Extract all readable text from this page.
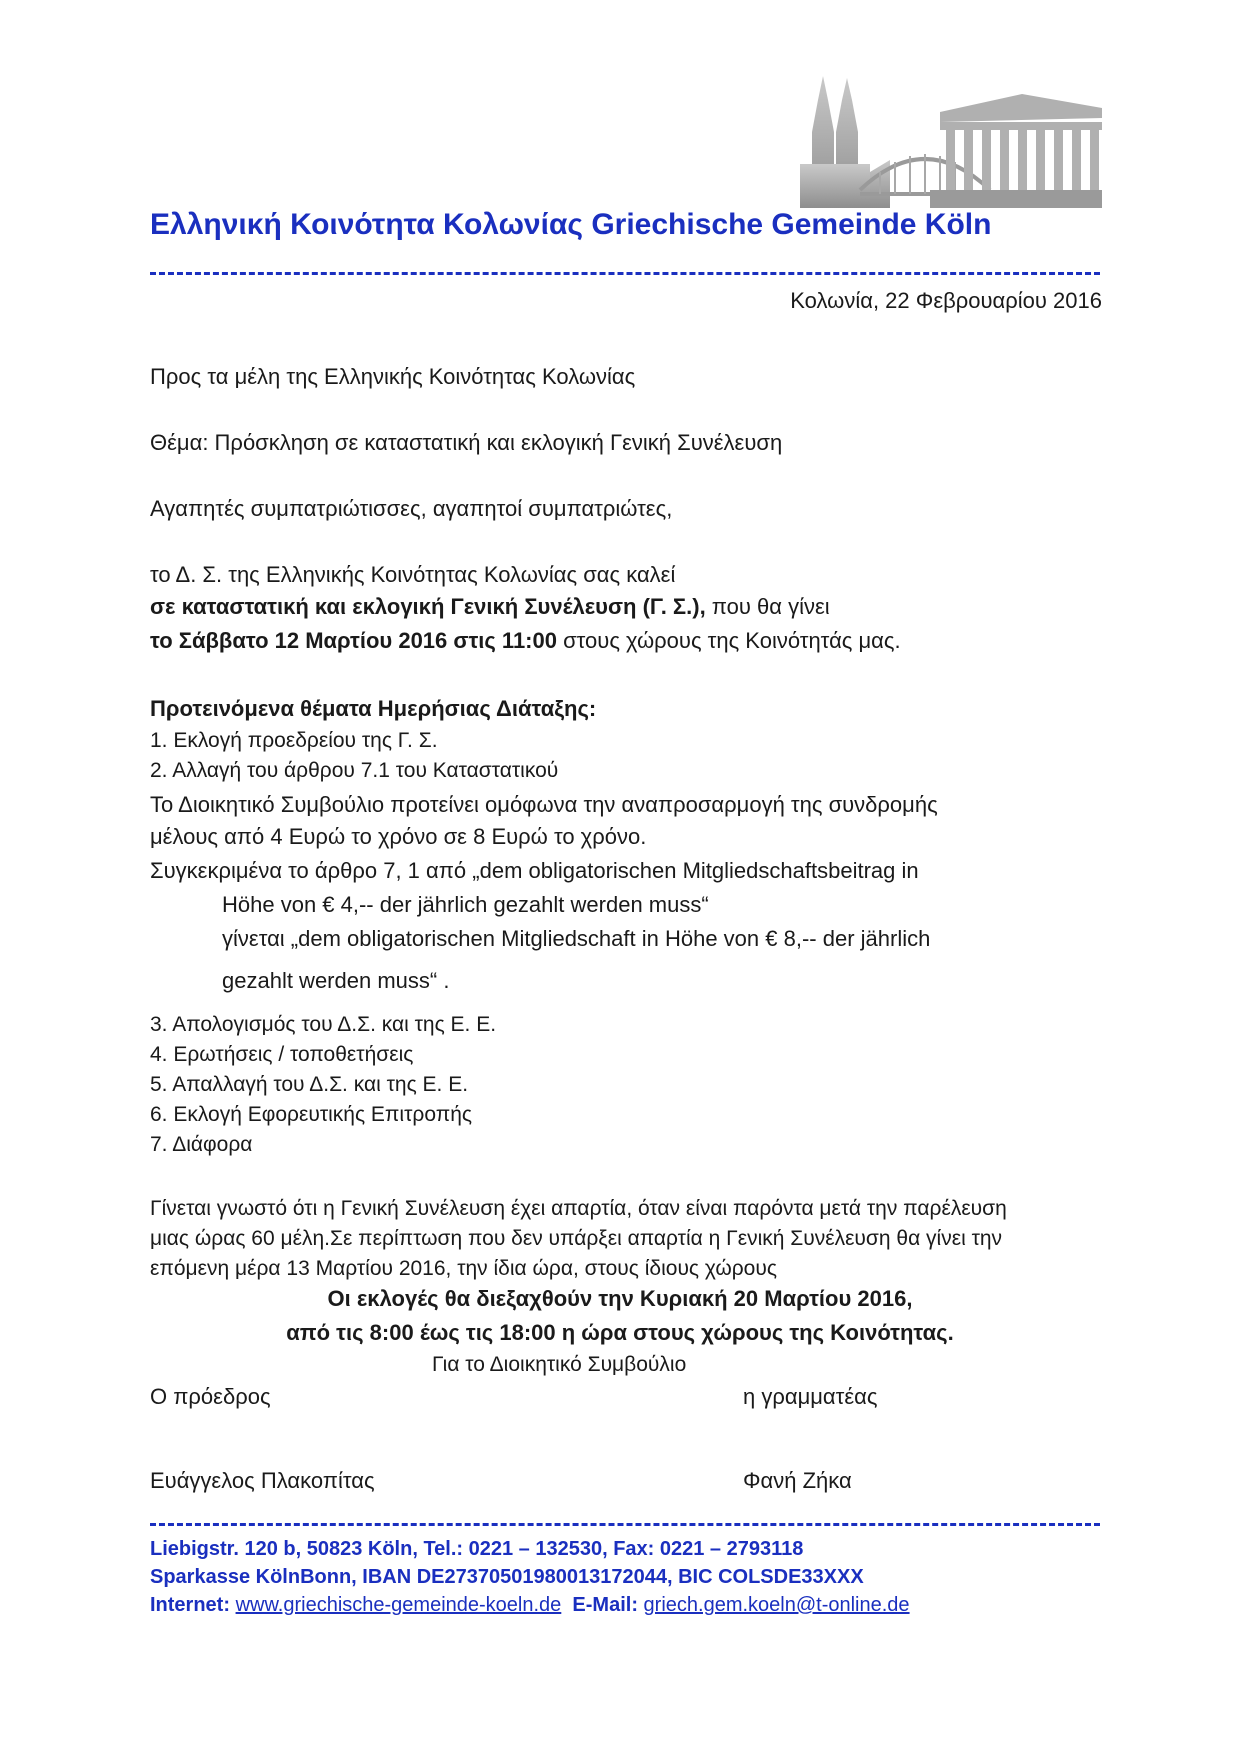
Ελληνική Κοινότητα Κολωνίας Griechische Gemeinde Köln
Κολωνία, 22 Φεβρουαρίου 2016
Προς τα μέλη της Ελληνικής Κοινότητας Κολωνίας
Θέμα: Πρόσκληση σε καταστατική και εκλογική Γενική Συνέλευση
Αγαπητές συμπατριώτισσες, αγαπητοί συμπατριώτες,
το Δ. Σ. της Ελληνικής Κοινότητας Κολωνίας σας καλεί
σε καταστατική και εκλογική Γενική Συνέλευση (Γ. Σ.), που θα γίνει
το Σάββατο 12 Μαρτίου 2016 στις 11:00 στους χώρους της Κοινότητάς μας.
Προτεινόμενα θέματα Ημερήσιας Διάταξης:
1. Εκλογή προεδρείου της Γ. Σ.
2. Αλλαγή του άρθρου 7.1 του Καταστατικού
Το Διοικητικό Συμβούλιο προτείνει ομόφωνα την αναπροσαρμογή της συνδρομής
μέλους από 4 Ευρώ το χρόνο σε 8 Ευρώ το χρόνο.
Συγκεκριμένα το άρθρο 7, 1 από „dem obligatorischen Mitgliedschaftsbeitrag in
Höhe von € 4,-- der jährlich gezahlt werden muss“
γίνεται „dem obligatorischen Mitgliedschaft in Höhe von € 8,-- der jährlich
gezahlt werden muss“ .
3. Απολογισμός του Δ.Σ. και της Ε. Ε.
4. Ερωτήσεις / τοποθετήσεις
5. Απαλλαγή του Δ.Σ. και της Ε. Ε.
6. Εκλογή Εφορευτικής Επιτροπής
7. Διάφορα
Γίνεται γνωστό ότι η Γενική Συνέλευση έχει απαρτία, όταν είναι παρόντα μετά την παρέλευση
μιας ώρας 60 μέλη.Σε περίπτωση που δεν υπάρξει απαρτία η Γενική Συνέλευση θα γίνει την
επόμενη μέρα 13 Μαρτίου 2016, την ίδια ώρα, στους ίδιους χώρους
Οι εκλογές θα διεξαχθούν την Κυριακή 20 Μαρτίου 2016,
από τις 8:00 έως τις 18:00 η ώρα στους χώρους της Κοινότητας.
Για το Διοικητικό Συμβούλιο
Ο πρόεδρος	η γραμματέας
Ευάγγελος Πλακοπίτας	Φανή Ζήκα
Liebigstr. 120 b, 50823 Köln, Tel.: 0221 – 132530, Fax: 0221 – 2793118
Sparkasse KölnBonn, IBAN DE27370501980013172044, BIC COLSDE33XXX
Internet: www.griechische-gemeinde-koeln.de E-Mail: griech.gem.koeln@t-online.de
